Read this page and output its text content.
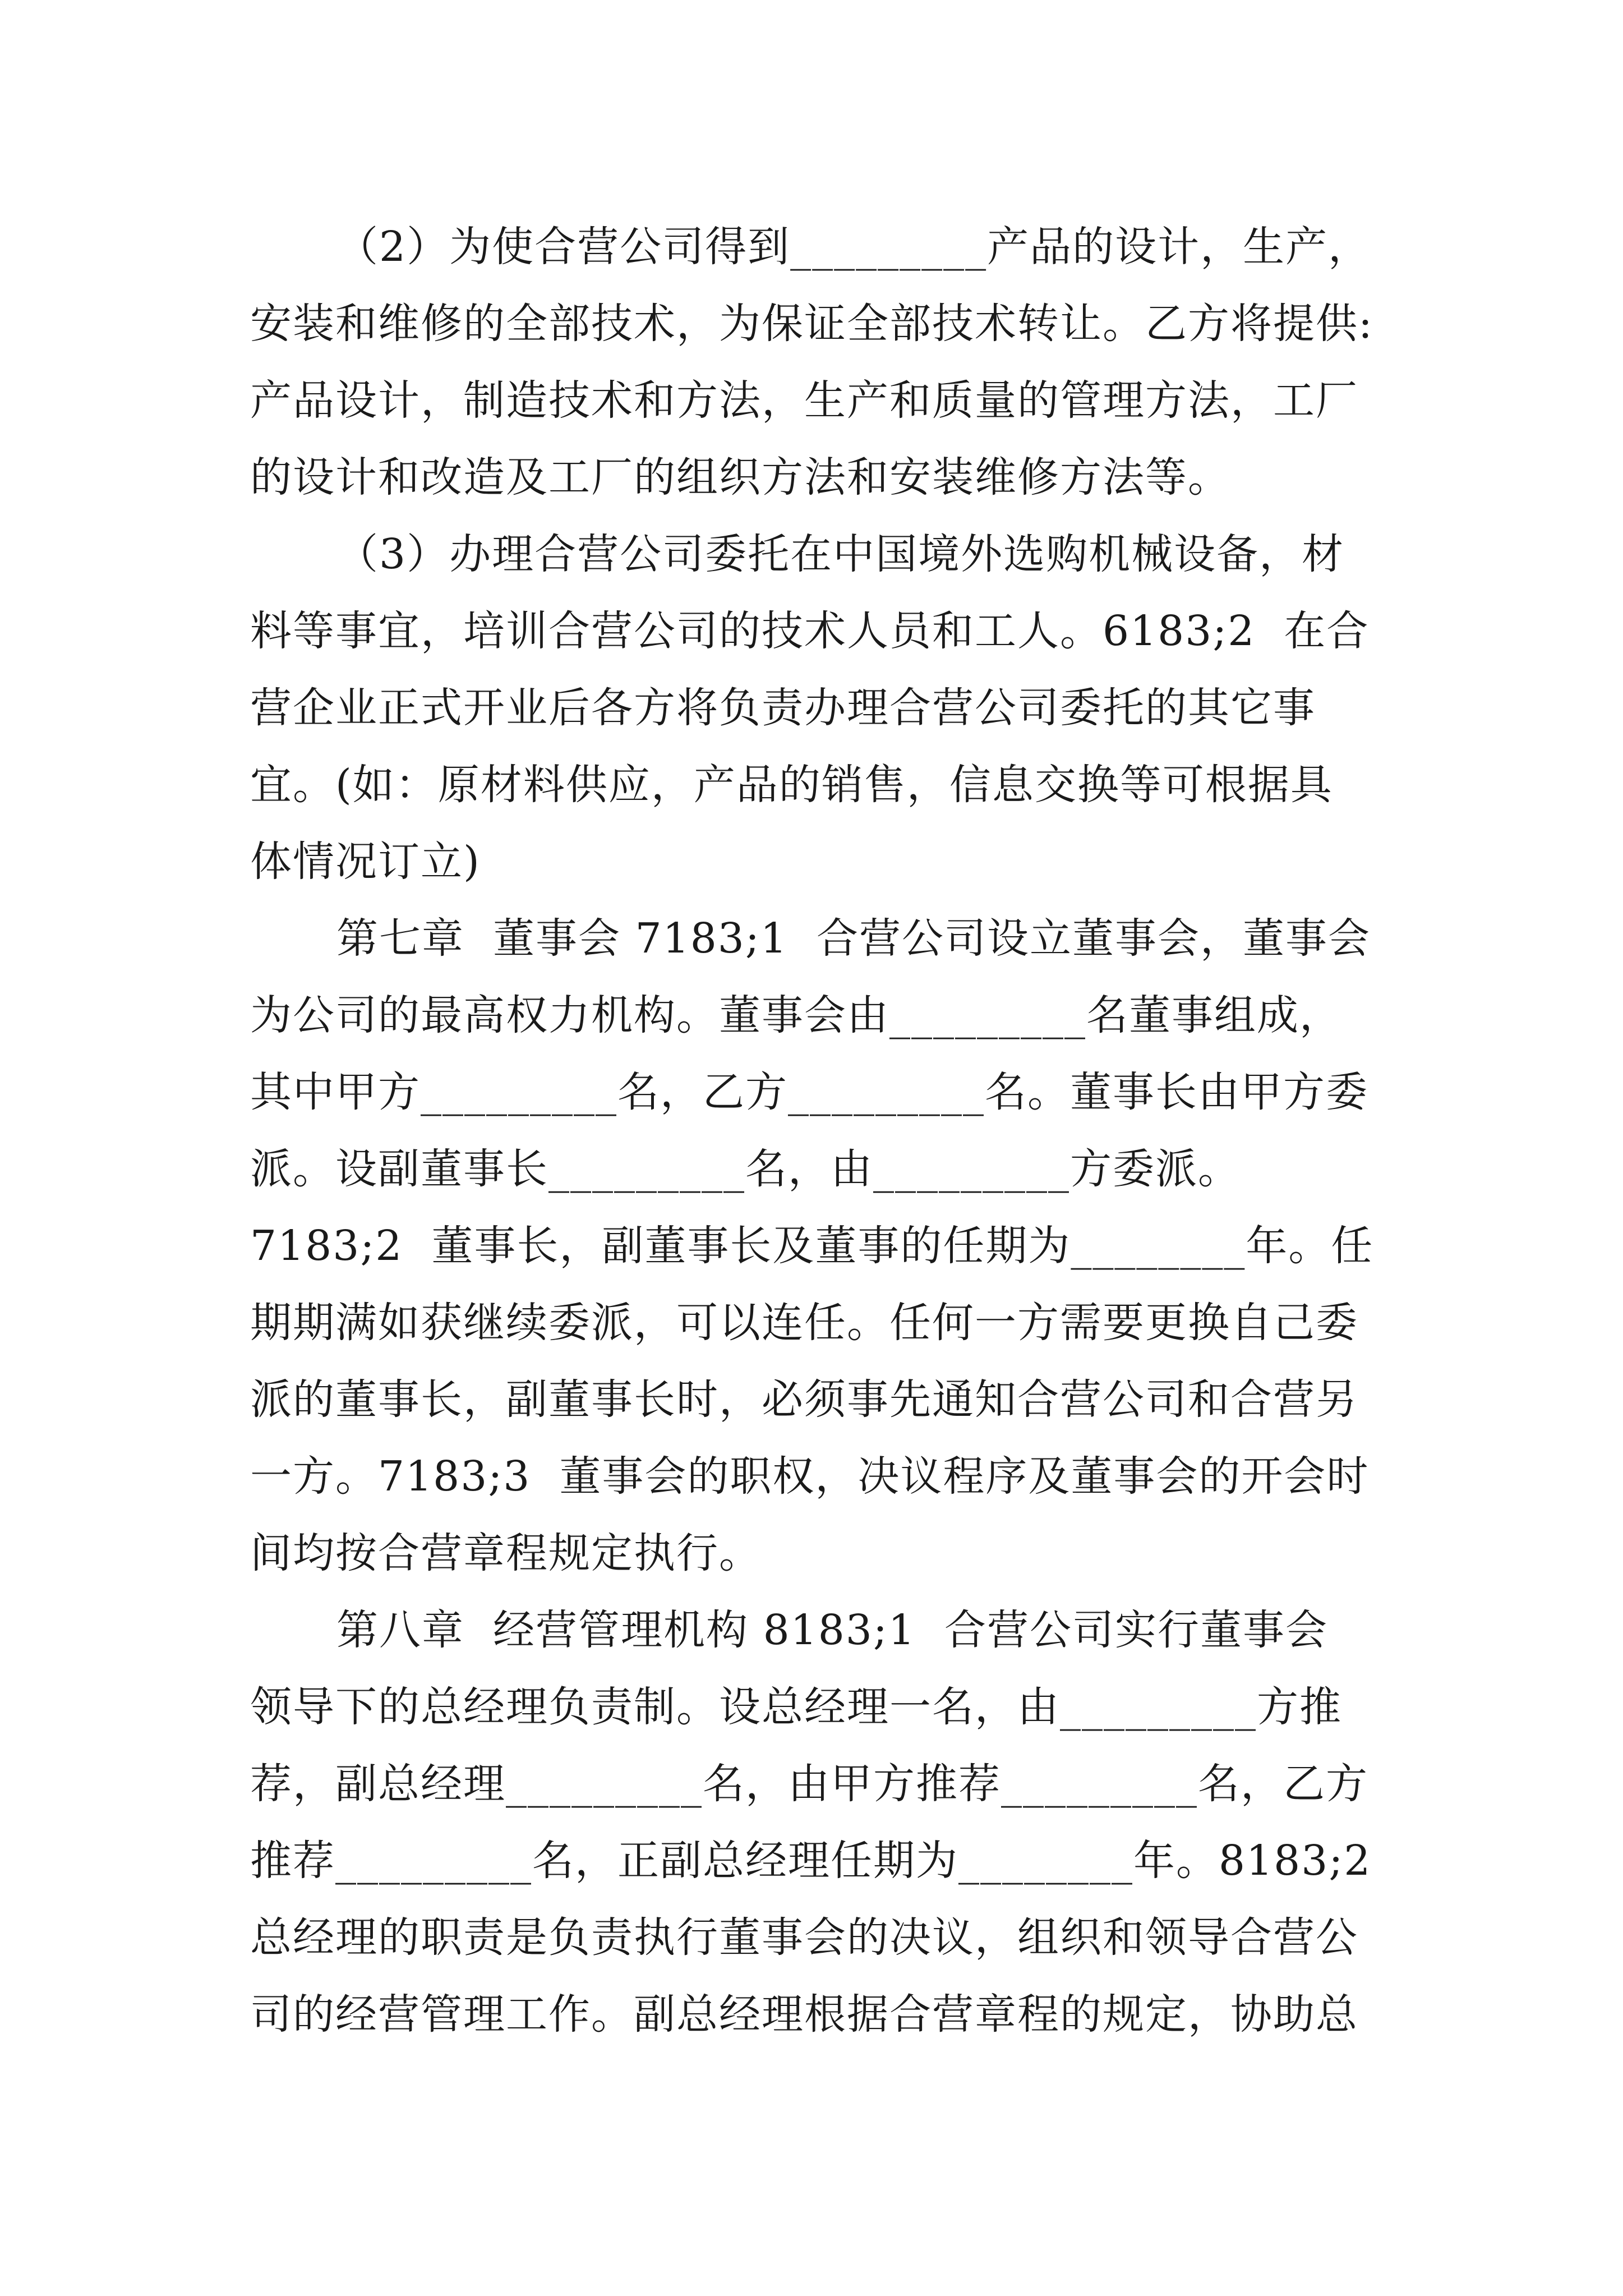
（2）为使合营公司得到_________产品的设计，生产，
安装和维修的全部技术，为保证全部技术转让。乙方将提供:
产品设计，制造技术和方法，生产和质量的管理方法，工厂
的设计和改造及工厂的组织方法和安装维修方法等。
（3）办理合营公司委托在中国境外选购机械设备，材
料等事宜，培训合营公司的技术人员和工人。6183;2  在合
营企业正式开业后各方将负责办理合营公司委托的其它事
宜。(如：原材料供应，产品的销售，信息交换等可根据具
体情况订立)
第七章  董事会 7183;1  合营公司设立董事会，董事会
为公司的最高权力机构。董事会由_________名董事组成，
其中甲方_________名，乙方_________名。董事长由甲方委
派。设副董事长_________名，由_________方委派。
7183;2  董事长，副董事长及董事的任期为________年。任
期期满如获继续委派，可以连任。任何一方需要更换自己委
派的董事长，副董事长时，必须事先通知合营公司和合营另
一方。7183;3  董事会的职权，决议程序及董事会的开会时
间均按合营章程规定执行。
第八章  经营管理机构 8183;1  合营公司实行董事会
领导下的总经理负责制。设总经理一名，由_________方推
荐，副总经理_________名，由甲方推荐_________名，乙方
推荐_________名，正副总经理任期为________年。8183;2
总经理的职责是负责执行董事会的决议，组织和领导合营公
司的经营管理工作。副总经理根据合营章程的规定，协助总
